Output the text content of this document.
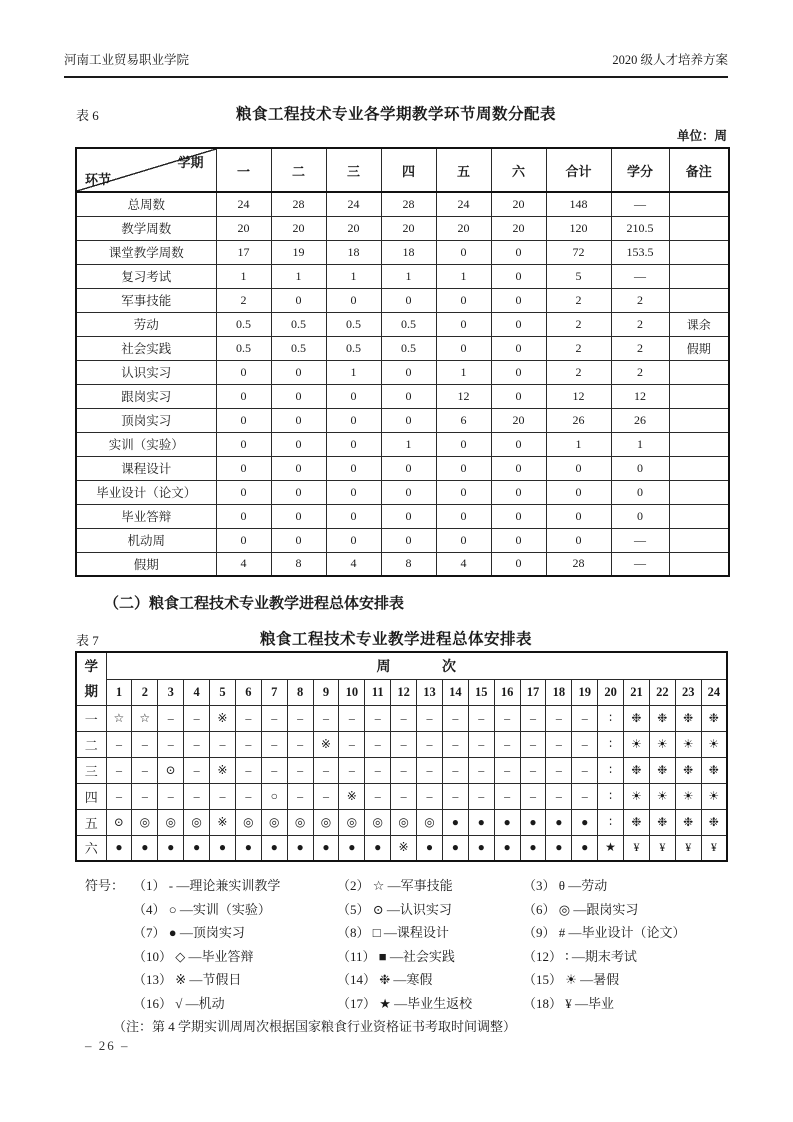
河南工业贸易职业学院	2020 级人才培养方案
表 6	粮食工程技术专业各学期教学环节周数分配表
单位：周
学期
环节	一	二	三	四	五	六	合计	学分	备注
总周数	24	28	24	28	24	20	148	—	
教学周数	20	20	20	20	20	20	120	210.5	
课堂教学周数	17	19	18	18	0	0	72	153.5	
复习考试	1	1	1	1	1	0	5	—	
军事技能	2	0	0	0	0	0	2	2	
劳动	0.5	0.5	0.5	0.5	0	0	2	2	课余
社会实践	0.5	0.5	0.5	0.5	0	0	2	2	假期
认识实习	0	0	1	0	1	0	2	2	
跟岗实习	0	0	0	0	12	0	12	12	
顶岗实习	0	0	0	0	6	20	26	26	
实训（实验）	0	0	0	1	0	0	1	1	
课程设计	0	0	0	0	0	0	0	0	
毕业设计（论文）	0	0	0	0	0	0	0	0	
毕业答辩	0	0	0	0	0	0	0	0	
机动周	0	0	0	0	0	0	0	—	
假期	4	8	4	8	4	0	28	—	
（二）粮食工程技术专业教学进程总体安排表
表 7	粮食工程技术专业教学进程总体安排表
学
期	周 次																							
	1	2	3	4	5	6	7	8	9	10	11	12	13	14	15	16	17	18	19	20	21	22	23	24
一	☆	☆	–	–	※	–	–	–	–	–	–	–	–	–	–	–	–	–	–	∶	❉	❉	❉	❉
二	–	–	–	–	–	–	–	–	※	–	–	–	–	–	–	–	–	–	–	∶	☀	☀	☀	☀
三	–	–	⊙	–	※	–	–	–	–	–	–	–	–	–	–	–	–	–	–	∶	❉	❉	❉	❉
四	–	–	–	–	–	–	○	–	–	※	–	–	–	–	–	–	–	–	–	∶	☀	☀	☀	☀
五	⊙	◎	◎	◎	※	◎	◎	◎	◎	◎	◎	◎	◎	●	●	●	●	●	●	∶	❉	❉	❉	❉
六	●	●	●	●	●	●	●	●	●	●	●	※	●	●	●	●	●	●	●	★	¥	¥	¥	¥
符号： （1） - —理论兼实训教学	（2） ☆ —军事技能	（3） θ —劳动
（4） ○ —实训（实验）	（5） ⊙ —认识实习	（6） ◎ —跟岗实习
（7） ● —顶岗实习	（8） □ —课程设计	（9） # —毕业设计（论文）
（10） ◇ —毕业答辩	（11） ■ —社会实践	（12） ∶ —期末考试
（13） ※ —节假日	（14） ❉ —寒假	（15） ☀ —暑假
（16） √ —机动	（17） ★ —毕业生返校	（18） ¥ —毕业
（注：第 4 学期实训周周次根据国家粮食行业资格证书考取时间调整）
– 26 –
